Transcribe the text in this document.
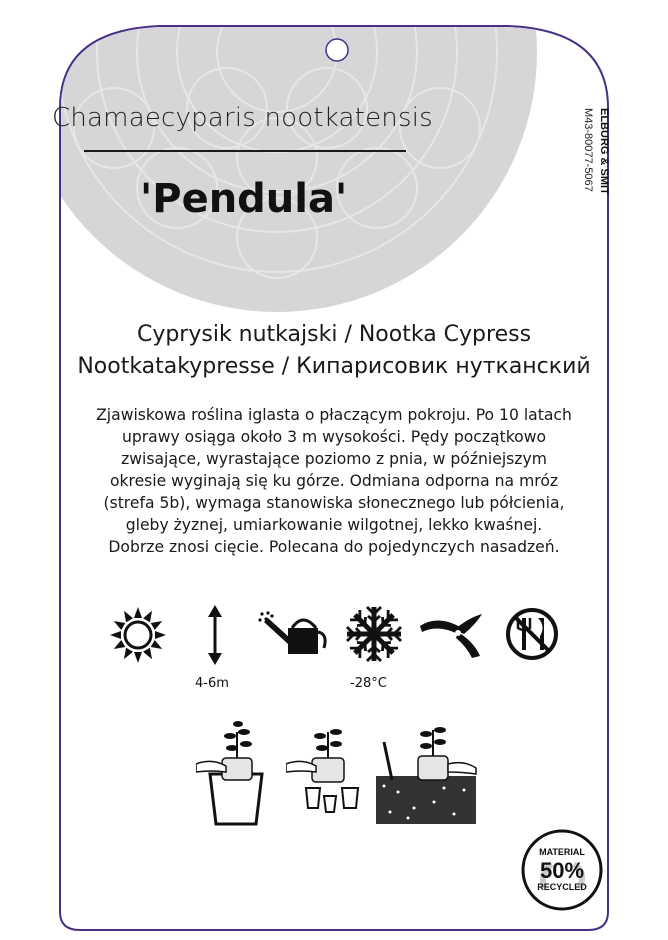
Chamaecyparis nootkatensis
'Pendula'
ELBURG & SMIT
M43-80077-5067
Cyprysik nutkajski / Nootka Cypress
Nootkatakypresse / Кипарисовик нутканский
Zjawiskowa roślina iglasta o płaczącym pokroju. Po 10 latach
uprawy osiąga około 3 m wysokości. Pędy początkowo
zwisające, wyrastające poziomo z pnia, w późniejszym
okresie wyginają się ku górze. Odmiana odporna na mróz
(strefa 5b), wymaga stanowiska słonecznego lub półcienia,
gleby żyznej, umiarkowanie wilgotnej, lekko kwaśnej.
Dobrze znosi cięcie. Polecana do pojedynczych nasadzeń.
4-6m	-28°C
MATERIAL
50%
RECYCLED
